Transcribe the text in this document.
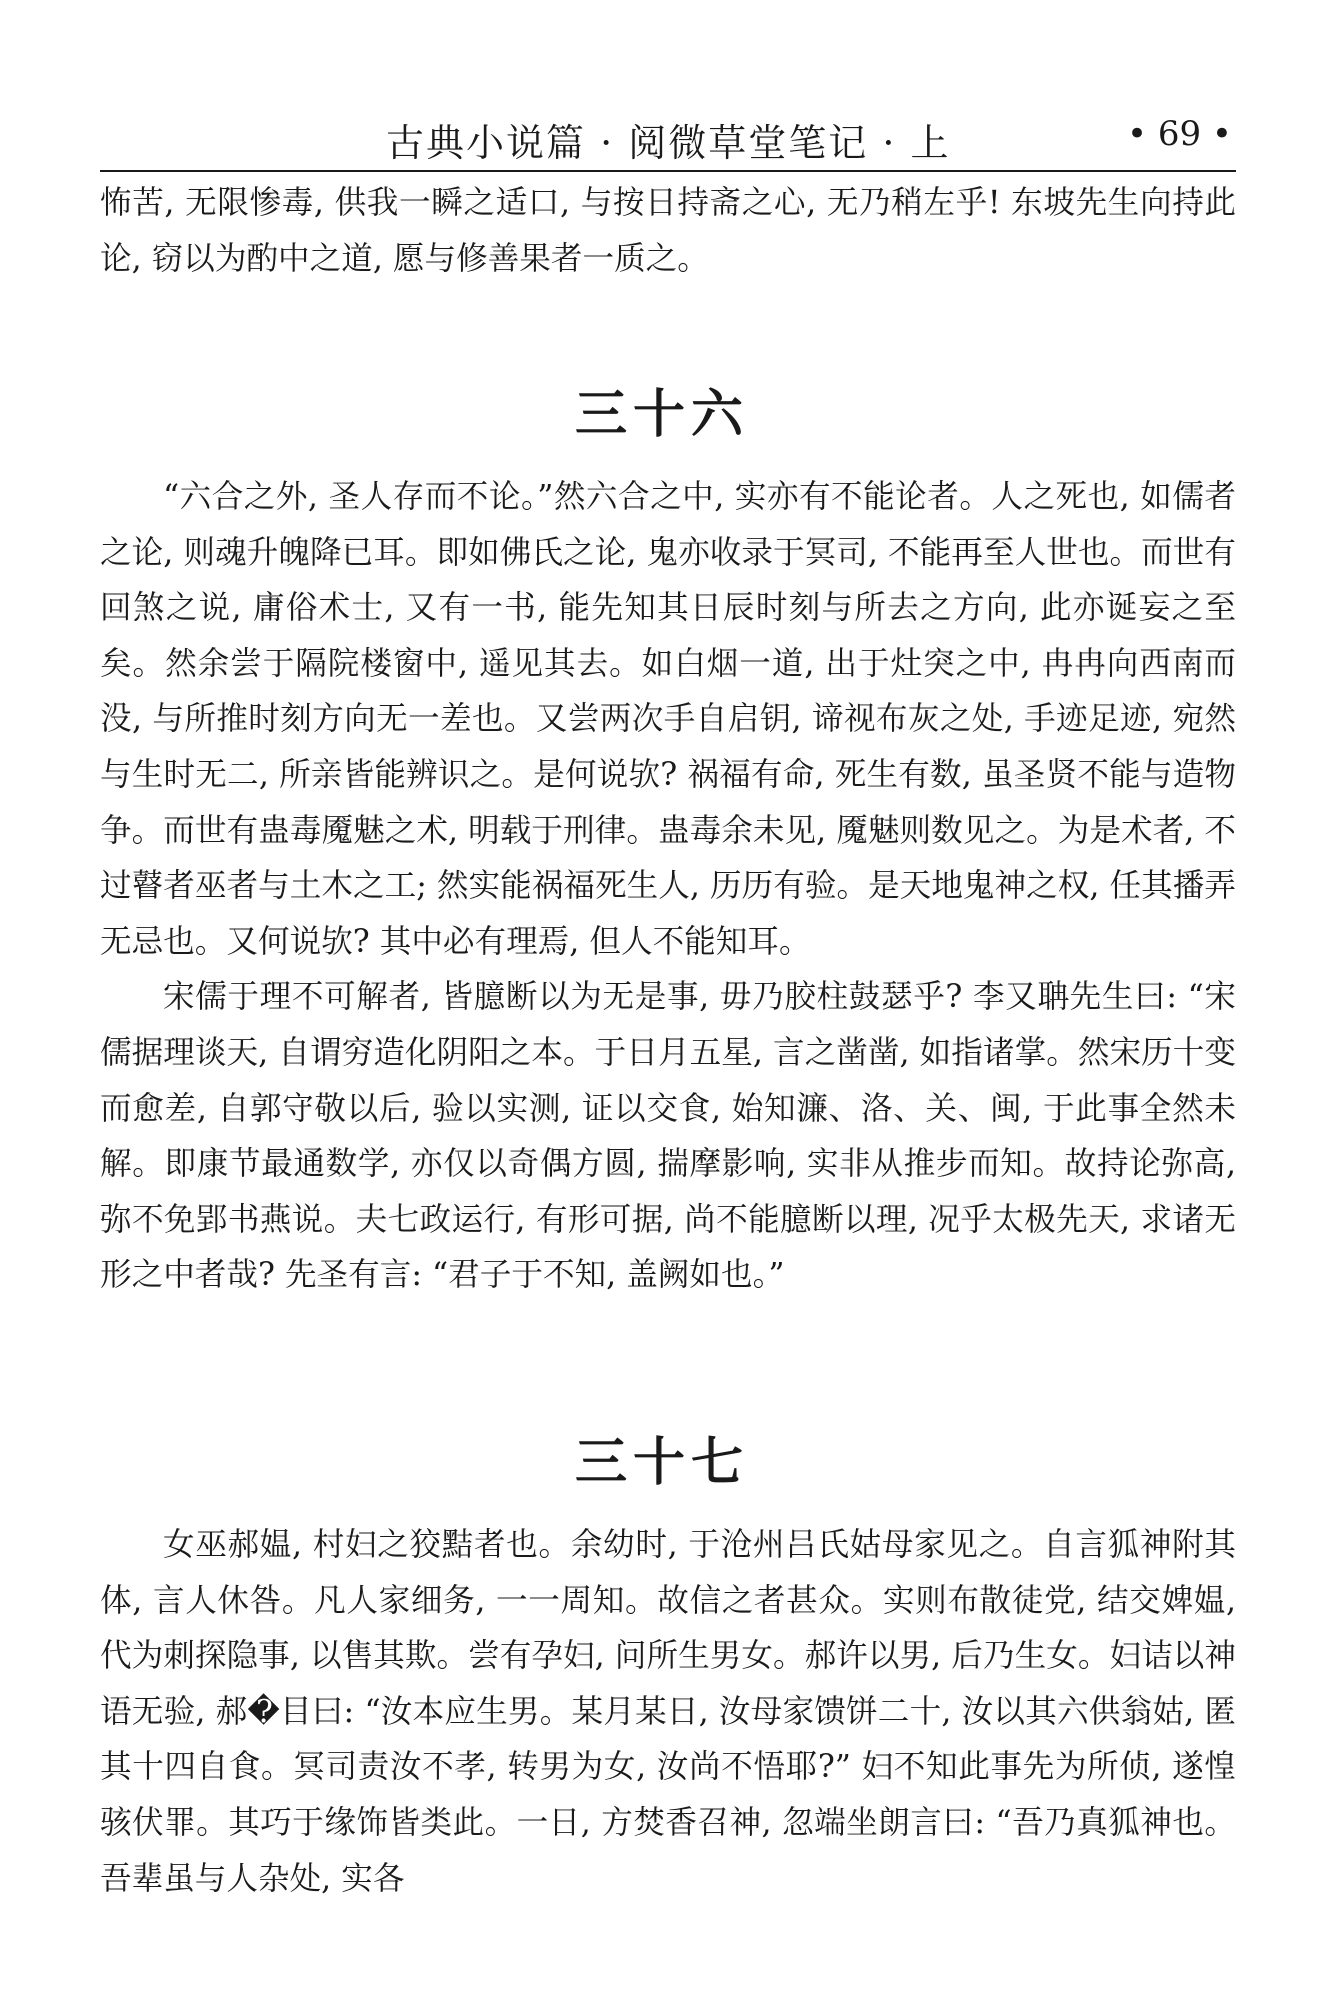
古典小说篇 · 阅微草堂笔记 · 上	• 69 •

怖苦, 无限惨毒, 供我一瞬之适口, 与按日持斋之心, 无乃稍左乎! 东坡先生向持此论, 窃以为酌中之道, 愿与修善果者一质之。

三十六

“六合之外, 圣人存而不论。”然六合之中, 实亦有不能论者。人之死也, 如儒者之论, 则魂升魄降已耳。即如佛氏之论, 鬼亦收录于冥司, 不能再至人世也。而世有回煞之说, 庸俗术士, 又有一书, 能先知其日辰时刻与所去之方向, 此亦诞妄之至矣。然余尝于隔院楼窗中, 遥见其去。如白烟一道, 出于灶突之中, 冉冉向西南而没, 与所推时刻方向无一差也。又尝两次手自启钥, 谛视布灰之处, 手迹足迹, 宛然与生时无二, 所亲皆能辨识之。是何说欤? 祸福有命, 死生有数, 虽圣贤不能与造物争。而世有蛊毒魇魅之术, 明载于刑律。蛊毒余未见, 魇魅则数见之。为是术者, 不过瞽者巫者与土木之工; 然实能祸福死生人, 历历有验。是天地鬼神之权, 任其播弄无忌也。又何说欤? 其中必有理焉, 但人不能知耳。

宋儒于理不可解者, 皆臆断以为无是事, 毋乃胶柱鼓瑟乎? 李又聃先生曰: “宋儒据理谈天, 自谓穷造化阴阳之本。于日月五星, 言之凿凿, 如指诸掌。然宋历十变而愈差, 自郭守敬以后, 验以实测, 证以交食, 始知濂、洛、关、闽, 于此事全然未解。即康节最通数学, 亦仅以奇偶方圆, 揣摩影响, 实非从推步而知。故持论弥高, 弥不免郢书燕说。夫七政运行, 有形可据, 尚不能臆断以理, 况乎太极先天, 求诸无形之中者哉? 先圣有言: “君子于不知, 盖阙如也。”

三十七

女巫郝媪, 村妇之狡黠者也。余幼时, 于沧州吕氏姑母家见之。自言狐神附其体, 言人休咎。凡人家细务, 一一周知。故信之者甚众。实则布散徒党, 结交婢媪, 代为刺探隐事, 以售其欺。尝有孕妇, 问所生男女。郝许以男, 后乃生女。妇诘以神语无验, 郝�目曰: “汝本应生男。某月某日, 汝母家馈饼二十, 汝以其六供翁姑, 匿其十四自食。冥司责汝不孝, 转男为女, 汝尚不悟耶?” 妇不知此事先为所侦, 遂惶骇伏罪。其巧于缘饰皆类此。一日, 方焚香召神, 忽端坐朗言曰: “吾乃真狐神也。吾辈虽与人杂处, 实各
